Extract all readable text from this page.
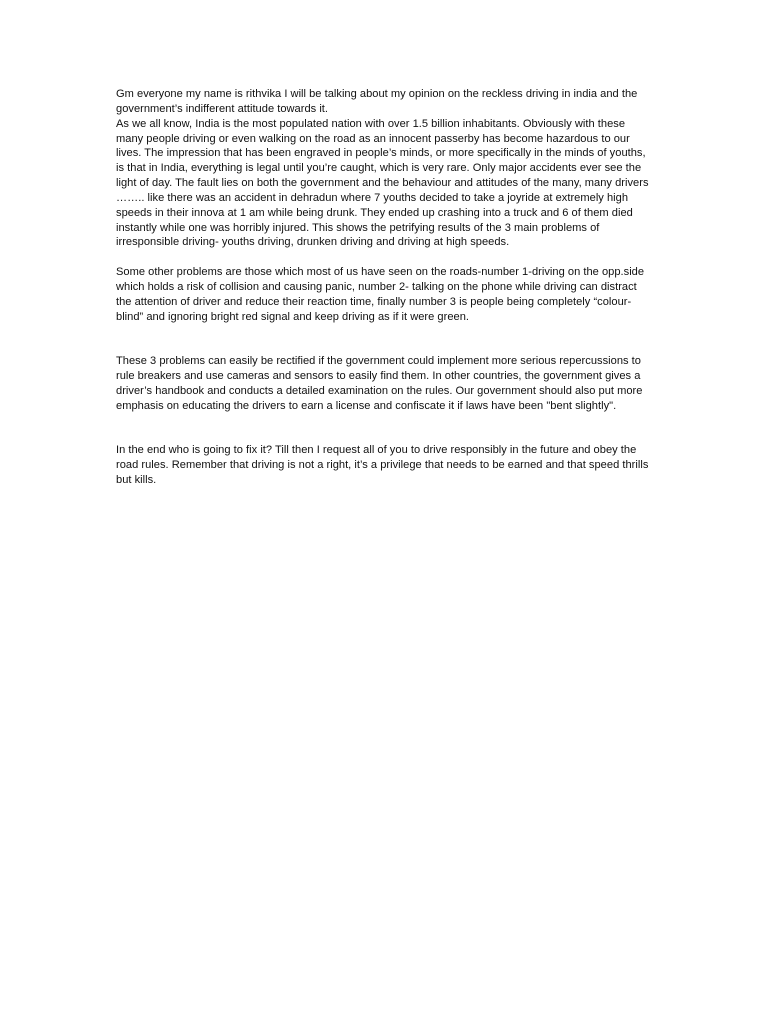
Gm everyone my name is rithvika I will be talking about my opinion on the reckless driving in india and the government’s indifferent attitude towards it.

As we all know, India is the most populated nation with over 1.5 billion inhabitants. Obviously with these many people driving or even walking on the road as an innocent passerby has become hazardous to our lives. The impression that has been engraved in people’s minds, or more specifically in the minds of youths, is that in India, everything is legal until you’re caught, which is very rare. Only major accidents ever see the light of day. The fault lies on both the government and the behaviour and attitudes of the many, many drivers

…….. like there was an accident in dehradun where 7 youths decided to take a joyride at extremely high speeds in their innova at 1 am while being drunk. They ended up crashing into a truck and 6 of them died instantly while one was horribly injured. This shows the petrifying results of the 3 main problems of irresponsible driving- youths driving, drunken driving and driving at high speeds.

Some other problems are those which most of us have seen on the roads-number 1-driving on the opp.side which holds a risk of collision and causing panic, number 2- talking on the phone while driving can distract the attention of driver and reduce their reaction time, finally number 3 is people being completely “colour-blind” and ignoring bright red signal and keep driving as if it were green.

These 3 problems can easily be rectified if the government could implement more serious repercussions to rule breakers and use cameras and sensors to easily find them. In other countries, the government gives a driver’s handbook and conducts a detailed examination on the rules. Our government should also put more emphasis on educating the drivers to earn a license and confiscate it if laws have been "bent slightly".

In the end who is going to fix it? Till then I request all of you to drive responsibly in the future and obey the road rules. Remember that driving is not a right, it’s a privilege that needs to be earned and that speed thrills but kills.
